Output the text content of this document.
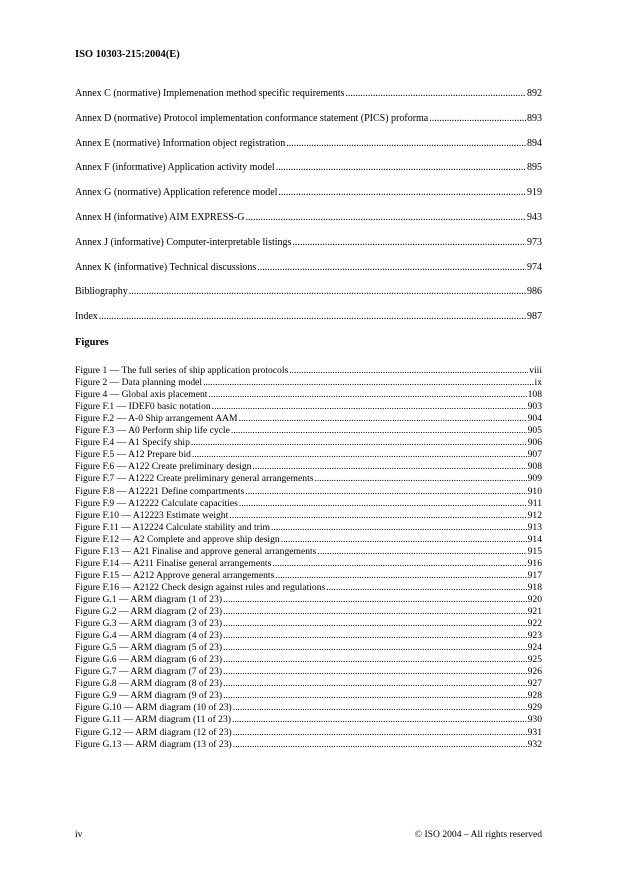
ISO 10303-215:2004(E)
Annex C (normative) Implemenation method specific requirements .....	892
Annex D (normative) Protocol implementation conformance statement (PICS) proforma .....	893
Annex E (normative) Information object registration .....	894
Annex F (informative) Application activity model .....	895
Annex G (normative) Application reference model .....	919
Annex H (informative) AIM EXPRESS-G .....	943
Annex J (informative) Computer-interpretable listings .....	973
Annex K (informative) Technical discussions .....	974
Bibliography .....	986
Index .....	987
Figures
Figure 1 — The full series of ship application protocols .....	viii
Figure 2 — Data planning model .....	ix
Figure 4 — Global axis placement .....	108
Figure F.1 — IDEF0 basic notation .....	903
Figure F.2 — A-0 Ship arrangement AAM .....	904
Figure F.3 — A0 Perform ship life cycle .....	905
Figure F.4 — A1 Specify ship .....	906
Figure F.5 — A12 Prepare bid .....	907
Figure F.6 — A122 Create preliminary design .....	908
Figure F.7 — A1222 Create preliminary general arrangements .....	909
Figure F.8 — A12221 Define compartments .....	910
Figure F.9 — A12222 Calculate capacities .....	911
Figure F.10 — A12223 Estimate weight .....	912
Figure F.11 — A12224 Calculate stability and trim .....	913
Figure F.12 — A2 Complete and approve ship design .....	914
Figure F.13 — A21 Finalise and approve general arrangements .....	915
Figure F.14 — A211 Finalise general arrangements .....	916
Figure F.15 — A212 Approve general arrangements .....	917
Figure F.16 — A2122 Check design against rules and regulations .....	918
Figure G.1 — ARM diagram (1 of 23) .....	920
Figure G.2 — ARM diagram (2 of 23) .....	921
Figure G.3 — ARM diagram (3 of 23) .....	922
Figure G.4 — ARM diagram (4 of 23) .....	923
Figure G.5 — ARM diagram (5 of 23) .....	924
Figure G.6 — ARM diagram (6 of 23) .....	925
Figure G.7 — ARM diagram (7 of 23) .....	926
Figure G.8 — ARM diagram (8 of 23) .....	927
Figure G.9 — ARM diagram (9 of 23) .....	928
Figure G.10 — ARM diagram (10 of 23) .....	929
Figure G.11 — ARM diagram (11 of 23) .....	930
Figure G.12 — ARM diagram (12 of 23) .....	931
Figure G.13 — ARM diagram (13 of 23) .....	932
iv	© ISO 2004 – All rights reserved
